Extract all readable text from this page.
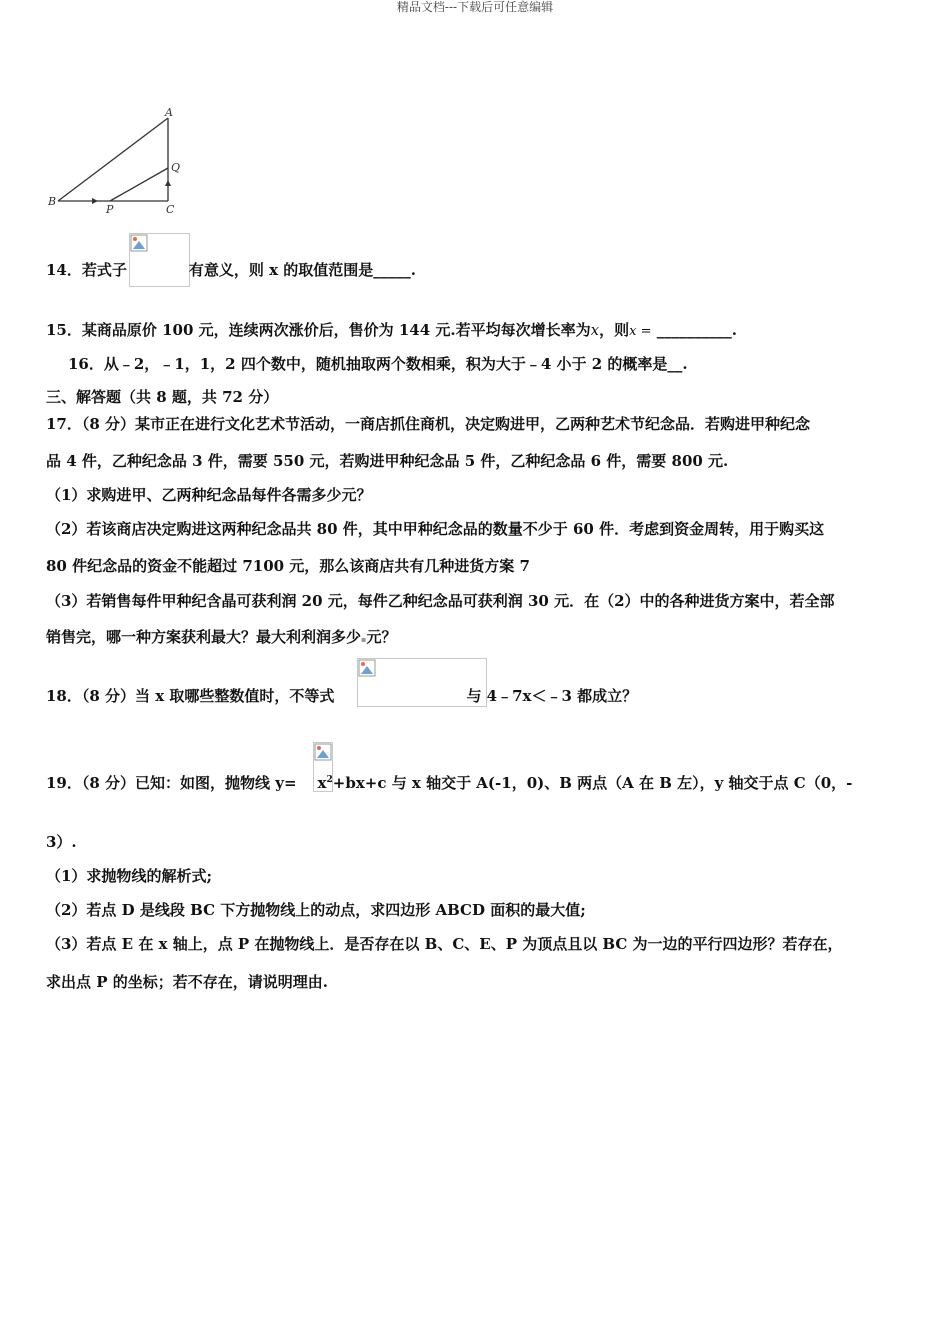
精品文档---下载后可任意编辑
A
B
C
P
Q
14．若式子	有意义，则 x 的取值范围是_____.
15．某商品原价 100 元，连续两次涨价后，售价为 144 元.若平均每次增长率为x，则x = __________.
16．从﹣2，﹣1，1，2 四个数中，随机抽取两个数相乘，积为大于﹣4 小于 2 的概率是__.
三、解答题（共 8 题，共 72 分）
17．（8 分）某市正在进行文化艺术节活动，一商店抓住商机，决定购进甲，乙两种艺术节纪念品．若购进甲种纪念
品 4 件，乙种纪念品 3 件，需要 550 元，若购进甲种纪念品 5 件，乙种纪念品 6 件，需要 800 元.
（1）求购进甲、乙两种纪念品每件各需多少元？
（2）若该商店决定购进这两种纪念品共 80 件，其中甲种纪念品的数量不少于 60 件．考虑到资金周转，用于购买这
80 件纪念品的资金不能超过 7100 元，那么该商店共有几种进货方案 7
（3）若销售每件甲种纪含晶可获利润 20 元，每件乙种纪念品可获利润 30 元．在（2）中的各种进货方案中，若全部
销售完，哪一种方案获利最大？最大利利润多少▪元？
18．（8 分）当 x 取哪些整数值时，不等式	与 4﹣7x＜﹣3 都成立？
19．（8 分）已知：如图，抛物线 $y= x^2+bx+c$ 与 x 轴交于 A(-1，0)、B 两点（A 在 B 左），y 轴交于点 C（0，-
3）.
（1）求抛物线的解析式;
（2）若点 D 是线段 BC 下方抛物线上的动点，求四边形 ABCD 面积的最大值;
（3）若点 E 在 x 轴上，点 P 在抛物线上．是否存在以 B、C、E、P 为顶点且以 BC 为一边的平行四边形？若存在，
求出点 P 的坐标；若不存在，请说明理由.
